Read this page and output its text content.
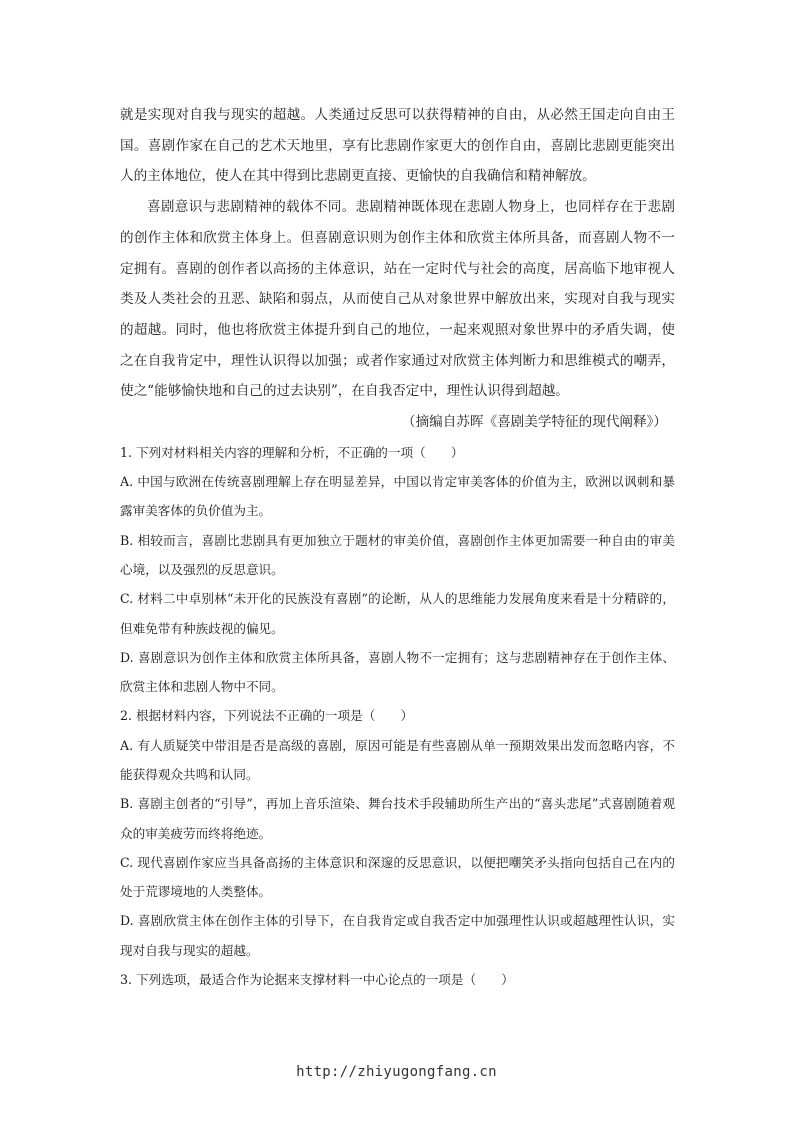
就是实现对自我与现实的超越。人类通过反思可以获得精神的自由，从必然王国走向自由王国。喜剧作家在自己的艺术天地里，享有比悲剧作家更大的创作自由，喜剧比悲剧更能突出人的主体地位，使人在其中得到比悲剧更直接、更愉快的自我确信和精神解放。

喜剧意识与悲剧精神的载体不同。悲剧精神既体现在悲剧人物身上，也同样存在于悲剧的创作主体和欣赏主体身上。但喜剧意识则为创作主体和欣赏主体所具备，而喜剧人物不一定拥有。喜剧的创作者以高扬的主体意识，站在一定时代与社会的高度，居高临下地审视人类及人类社会的丑恶、缺陷和弱点，从而使自己从对象世界中解放出来，实现对自我与现实的超越。同时，他也将欣赏主体提升到自己的地位，一起来观照对象世界中的矛盾失调，使之在自我肯定中，理性认识得以加强；或者作家通过对欣赏主体判断力和思维模式的嘲弄，使之“能够愉快地和自己的过去诀别”，在自我否定中，理性认识得到超越。

（摘编自苏晖《喜剧美学特征的现代阐释》）

1. 下列对材料相关内容的理解和分析，不正确的一项（　　）

A. 中国与欧洲在传统喜剧理解上存在明显差异，中国以肯定审美客体的价值为主，欧洲以讽刺和暴露审美客体的负价值为主。

B. 相较而言，喜剧比悲剧具有更加独立于题材的审美价值，喜剧创作主体更加需要一种自由的审美心境，以及强烈的反思意识。

C. 材料二中卓别林“未开化的民族没有喜剧”的论断，从人的思维能力发展角度来看是十分精辟的，但难免带有种族歧视的偏见。

D. 喜剧意识为创作主体和欣赏主体所具备，喜剧人物不一定拥有；这与悲剧精神存在于创作主体、欣赏主体和悲剧人物中不同。

2. 根据材料内容，下列说法不正确的一项是（　　）

A. 有人质疑笑中带泪是否是高级的喜剧，原因可能是有些喜剧从单一预期效果出发而忽略内容，不能获得观众共鸣和认同。

B. 喜剧主创者的“引导”，再加上音乐渲染、舞台技术手段辅助所生产出的“喜头悲尾”式喜剧随着观众的审美疲劳而终将绝迹。

C. 现代喜剧作家应当具备高扬的主体意识和深邃的反思意识，以便把嘲笑矛头指向包括自己在内的处于荒谬境地的人类整体。

D. 喜剧欣赏主体在创作主体的引导下，在自我肯定或自我否定中加强理性认识或超越理性认识，实现对自我与现实的超越。

3. 下列选项，最适合作为论据来支撑材料一中心论点的一项是（　　）

http://zhiyugongfang.cn
